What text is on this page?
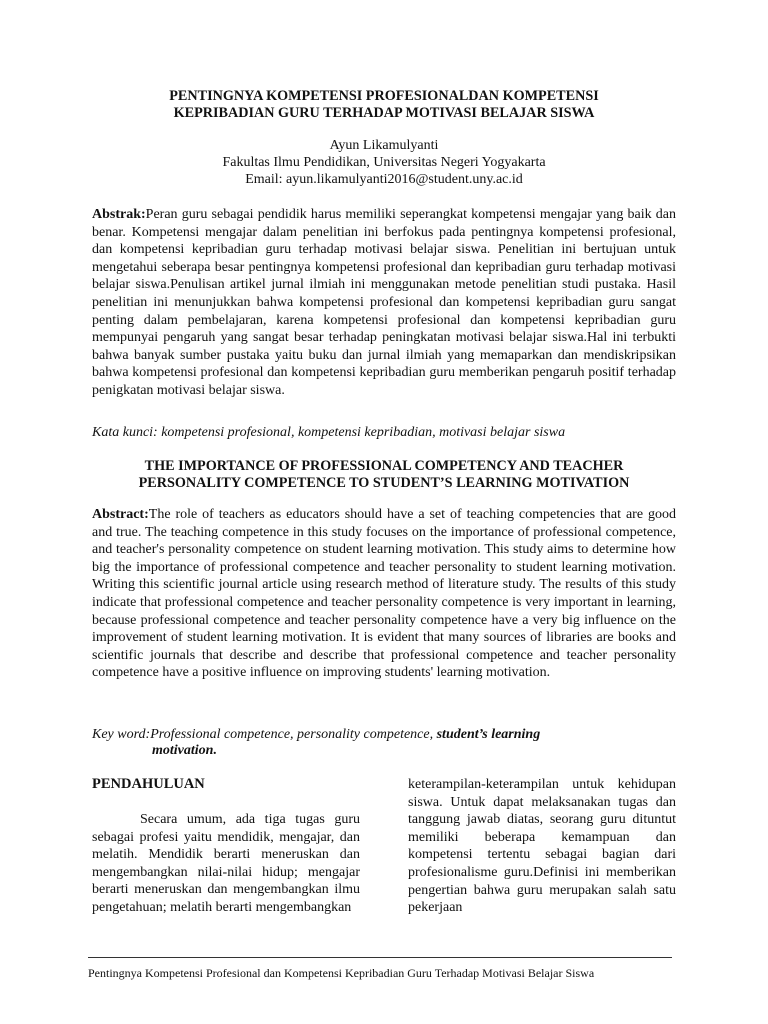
PENTINGNYA KOMPETENSI PROFESIONALDAN KOMPETENSI
KEPRIBADIAN GURU TERHADAP MOTIVASI BELAJAR SISWA
Ayun Likamulyanti
Fakultas Ilmu Pendidikan, Universitas Negeri Yogyakarta
Email: ayun.likamulyanti2016@student.uny.ac.id

Abstrak:Peran guru sebagai pendidik harus memiliki seperangkat kompetensi mengajar yang baik dan benar. Kompetensi mengajar dalam penelitian ini berfokus pada pentingnya kompetensi profesional, dan kompetensi kepribadian guru terhadap motivasi belajar siswa. Penelitian ini bertujuan untuk mengetahui seberapa besar pentingnya kompetensi profesional dan kepribadian guru terhadap motivasi belajar siswa.Penulisan artikel jurnal ilmiah ini menggunakan metode penelitian studi pustaka. Hasil penelitian ini menunjukkan bahwa kompetensi profesional dan kompetensi kepribadian guru sangat penting dalam pembelajaran, karena kompetensi profesional dan kompetensi kepribadian guru mempunyai pengaruh yang sangat besar terhadap peningkatan motivasi belajar siswa.Hal ini terbukti bahwa banyak sumber pustaka yaitu buku dan jurnal ilmiah yang memaparkan dan mendiskripsikan bahwa kompetensi profesional dan kompetensi kepribadian guru memberikan pengaruh positif terhadap penigkatan motivasi belajar siswa.

Kata kunci: kompetensi profesional, kompetensi kepribadian, motivasi belajar siswa

THE IMPORTANCE OF PROFESSIONAL COMPETENCY AND TEACHER
PERSONALITY COMPETENCE TO STUDENT’S LEARNING MOTIVATION

Abstract:The role of teachers as educators should have a set of teaching competencies that are good and true. The teaching competence in this study focuses on the importance of professional competence, and teacher's personality competence on student learning motivation. This study aims to determine how big the importance of professional competence and teacher personality to student learning motivation. Writing this scientific journal article using research method of literature study. The results of this study indicate that professional competence and teacher personality competence is very important in learning, because professional competence and teacher personality competence have a very big influence on the improvement of student learning motivation. It is evident that many sources of libraries are books and scientific journals that describe and describe that professional competence and teacher personality competence have a positive influence on improving students' learning motivation.

Key word:Professional competence, personality competence, student’s learning
motivation.

PENDAHULUAN

Secara umum, ada tiga tugas guru sebagai profesi yaitu mendidik, mengajar, dan melatih. Mendidik berarti meneruskan dan mengembangkan nilai-nilai hidup; mengajar berarti meneruskan dan mengembangkan ilmu pengetahuan; melatih berarti mengembangkan

keterampilan-keterampilan untuk kehidupan siswa. Untuk dapat melaksanakan tugas dan tanggung jawab diatas, seorang guru dituntut memiliki beberapa kemampuan dan kompetensi tertentu sebagai bagian dari profesionalisme guru.Definisi ini memberikan pengertian bahwa guru merupakan salah satu pekerjaan

Pentingnya Kompetensi Profesional dan Kompetensi Kepribadian Guru Terhadap Motivasi Belajar Siswa
